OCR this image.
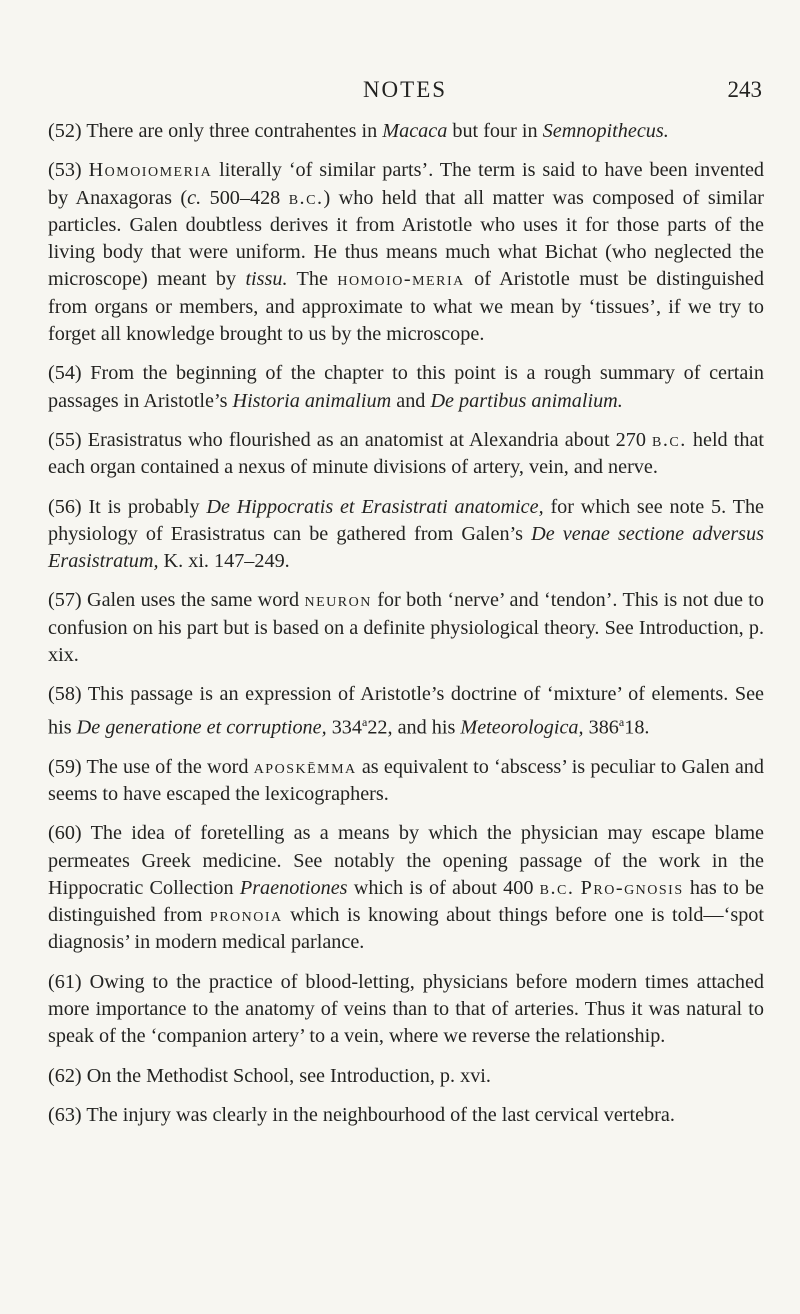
NOTES	243

(52) There are only three contrahentes in Macaca but four in Semnopithecus.

(53) Homoiomeria literally ‘of similar parts’. The term is said to have been invented by Anaxagoras (c. 500–428 b.c.) who held that all matter was composed of similar particles. Galen doubtless derives it from Aristotle who uses it for those parts of the living body that were uniform. He thus means much what Bichat (who neglected the microscope) meant by tissu. The homoio-meria of Aristotle must be distinguished from organs or members, and approximate to what we mean by ‘tissues’, if we try to forget all knowledge brought to us by the microscope.

(54) From the beginning of the chapter to this point is a rough summary of certain passages in Aristotle’s Historia animalium and De partibus animalium.

(55) Erasistratus who flourished as an anatomist at Alexandria about 270 b.c. held that each organ contained a nexus of minute divisions of artery, vein, and nerve.

(56) It is probably De Hippocratis et Erasistrati anatomice, for which see note 5. The physiology of Erasistratus can be gathered from Galen’s De venae sectione adversus Erasistratum, K. xi. 147–249.

(57) Galen uses the same word neuron for both ‘nerve’ and ‘tendon’. This is not due to confusion on his part but is based on a definite physiological theory. See Introduction, p. xix.

(58) This passage is an expression of Aristotle’s doctrine of ‘mixture’ of elements. See his De generatione et corruptione, 334$^a$22, and his Meteorologica, 386$^a$18.

(59) The use of the word aposkēmma as equivalent to ‘abscess’ is peculiar to Galen and seems to have escaped the lexicographers.

(60) The idea of foretelling as a means by which the physician may escape blame permeates Greek medicine. See notably the opening passage of the work in the Hippocratic Collection Praenotiones which is of about 400 b.c. Pro-gnosis has to be distinguished from pronoia which is knowing about things before one is told—‘spot diagnosis’ in modern medical parlance.

(61) Owing to the practice of blood-letting, physicians before modern times attached more importance to the anatomy of veins than to that of arteries. Thus it was natural to speak of the ‘companion artery’ to a vein, where we reverse the relationship.

(62) On the Methodist School, see Introduction, p. xvi.

(63) The injury was clearly in the neighbourhood of the last cervical vertebra.
